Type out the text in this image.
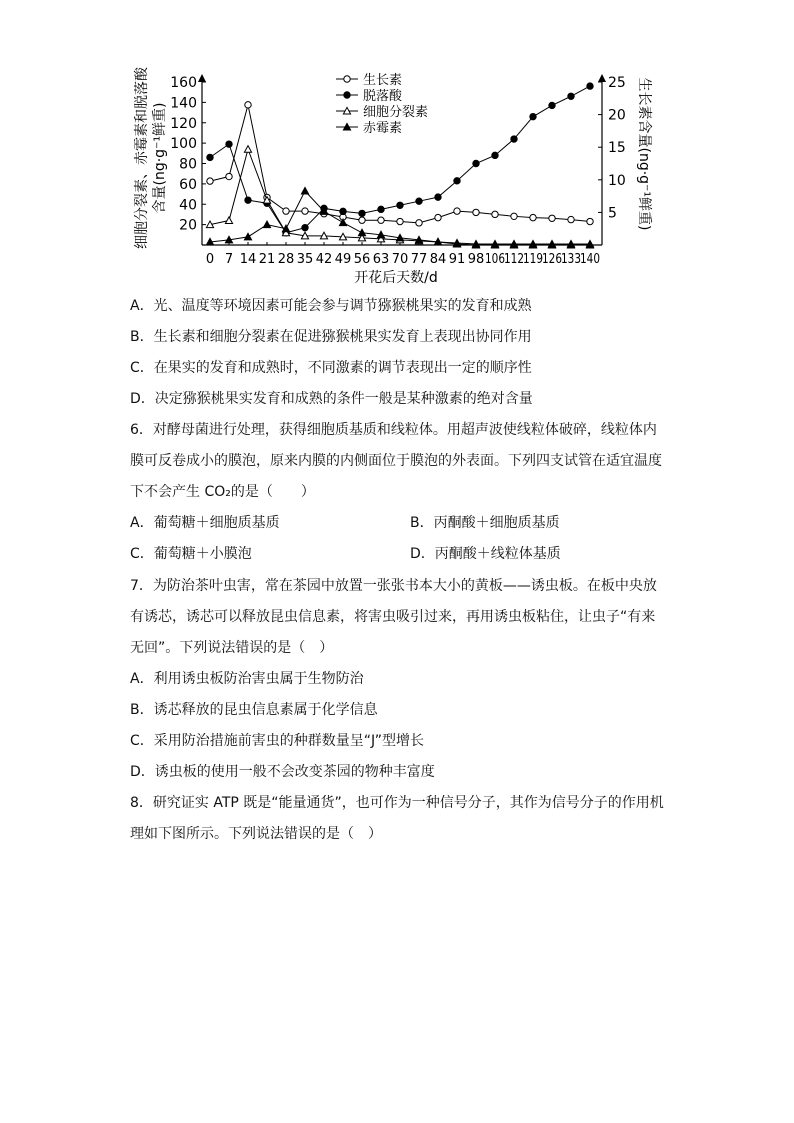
20
40
60
80
100
120
140
160
5
10
15
20
25
0 7 14 21 28 35 42 49 56 63 70 77 84 91 98 106 112 119 126 133 140
开花后天数/d
细胞分裂素、赤霉素和脱落酸 含量(ng·g⁻¹鲜重)	生长素含量(ng·g⁻¹鲜重)
生长素
脱落酸
细胞分裂素
赤霉素
A．光、温度等环境因素可能会参与调节猕猴桃果实的发育和成熟
B．生长素和细胞分裂素在促进猕猴桃果实发育上表现出协同作用
C．在果实的发育和成熟时，不同激素的调节表现出一定的顺序性
D．决定猕猴桃果实发育和成熟的条件一般是某种激素的绝对含量
6．对酵母菌进行处理，获得细胞质基质和线粒体。用超声波使线粒体破碎，线粒体内
膜可反卷成小的膜泡，原来内膜的内侧面位于膜泡的外表面。下列四支试管在适宜温度
下不会产生 CO₂的是（　　）
A．葡萄糖＋细胞质基质	B．丙酮酸＋细胞质基质
C．葡萄糖＋小膜泡	D．丙酮酸＋线粒体基质
7．为防治茶叶虫害，常在茶园中放置一张张书本大小的黄板——诱虫板。在板中央放
有诱芯，诱芯可以释放昆虫信息素，将害虫吸引过来，再用诱虫板粘住，让虫子“有来
无回”。下列说法错误的是（　）
A．利用诱虫板防治害虫属于生物防治
B．诱芯释放的昆虫信息素属于化学信息
C．采用防治措施前害虫的种群数量呈“J”型增长
D．诱虫板的使用一般不会改变茶园的物种丰富度
8．研究证实 ATP 既是“能量通货”，也可作为一种信号分子，其作为信号分子的作用机
理如下图所示。下列说法错误的是（　）
